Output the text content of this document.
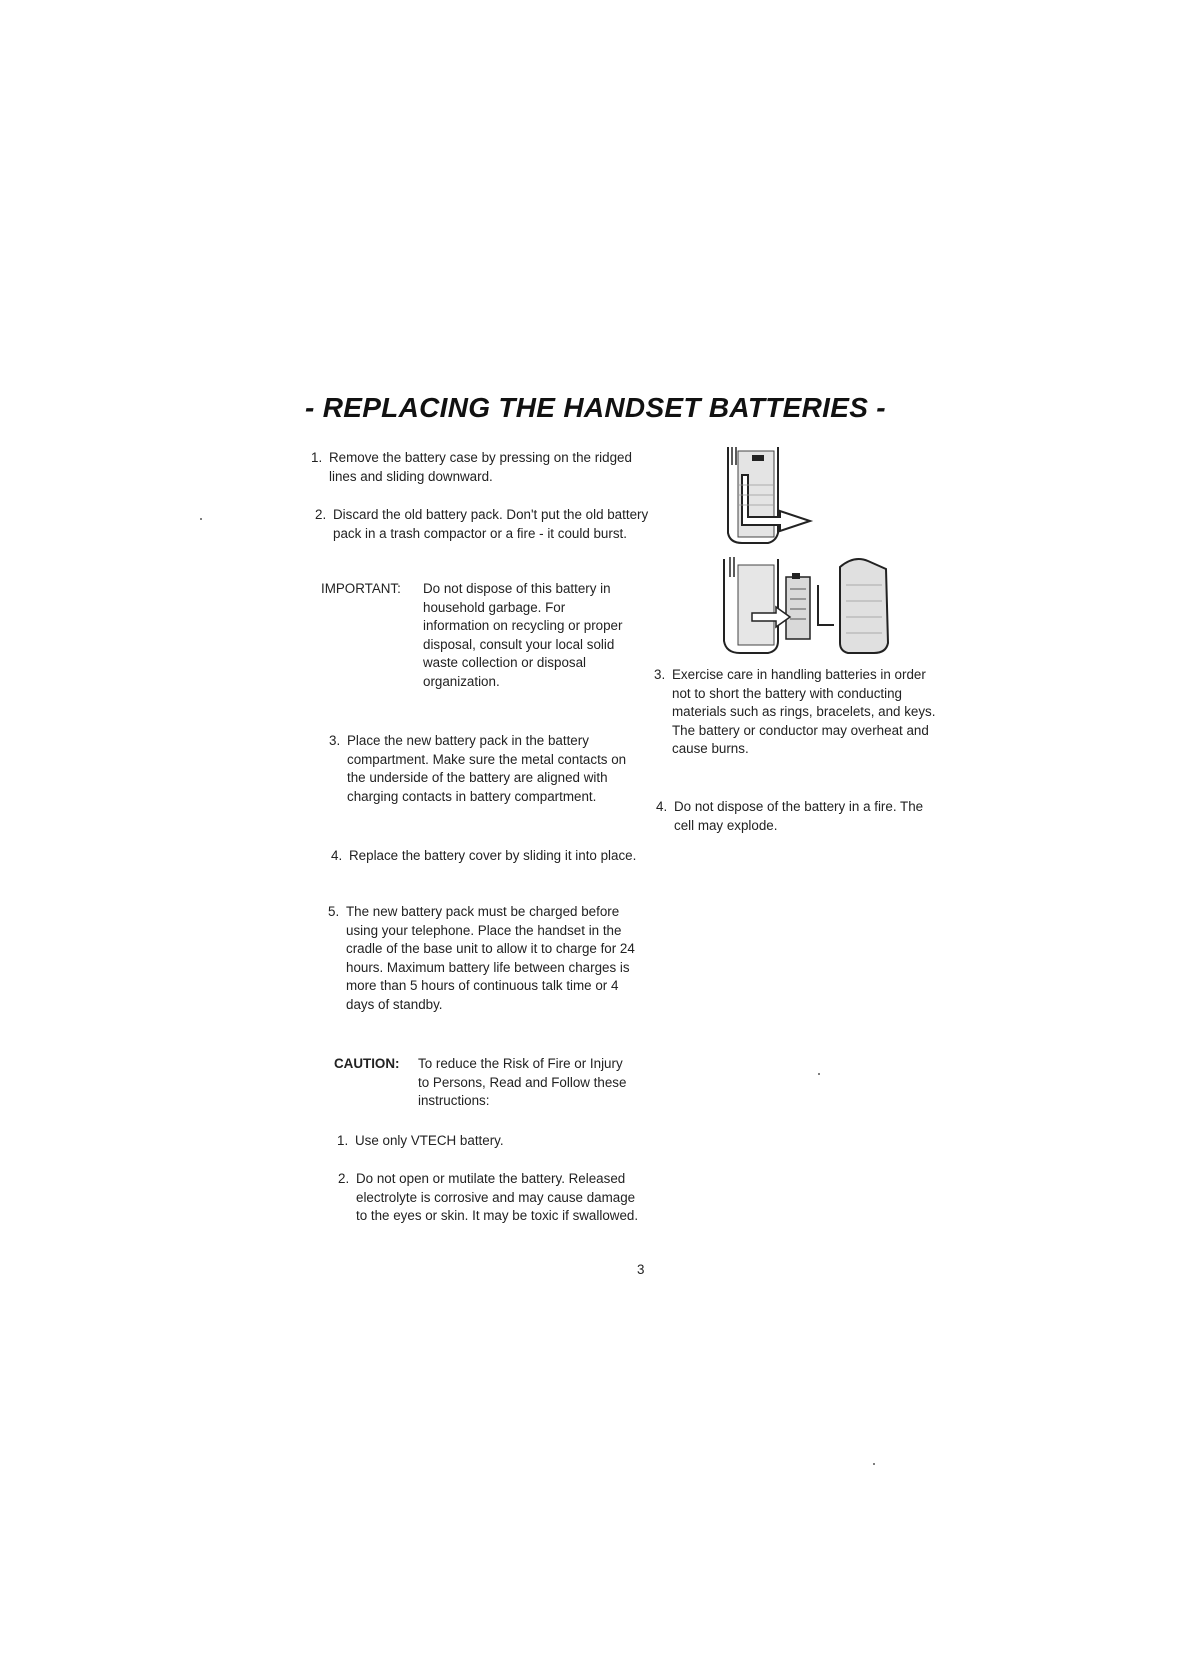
- REPLACING THE HANDSET BATTERIES -
1. Remove the battery case by pressing on the ridged lines and sliding downward.
2. Discard the old battery pack. Don't put the old battery pack in a trash compactor or a fire - it could burst.
IMPORTANT: Do not dispose of this battery in household garbage. For information on recycling or proper disposal, consult your local solid waste collection or disposal organization.
3. Place the new battery pack in the battery compartment. Make sure the metal contacts on the underside of the battery are aligned with charging contacts in battery compartment.
4. Replace the battery cover by sliding it into place.
5. The new battery pack must be charged before using your telephone. Place the handset in the cradle of the base unit to allow it to charge for 24 hours. Maximum battery life between charges is more than 5 hours of continuous talk time or 4 days of standby.
CAUTION: To reduce the Risk of Fire or Injury to Persons, Read and Follow these instructions:
1. Use only VTECH battery.
2. Do not open or mutilate the battery. Released electrolyte is corrosive and may cause damage to the eyes or skin. It may be toxic if swallowed.
3. Exercise care in handling batteries in order not to short the battery with conducting materials such as rings, bracelets, and keys. The battery or conductor may overheat and cause burns.
4. Do not dispose of the battery in a fire. The cell may explode.
3
